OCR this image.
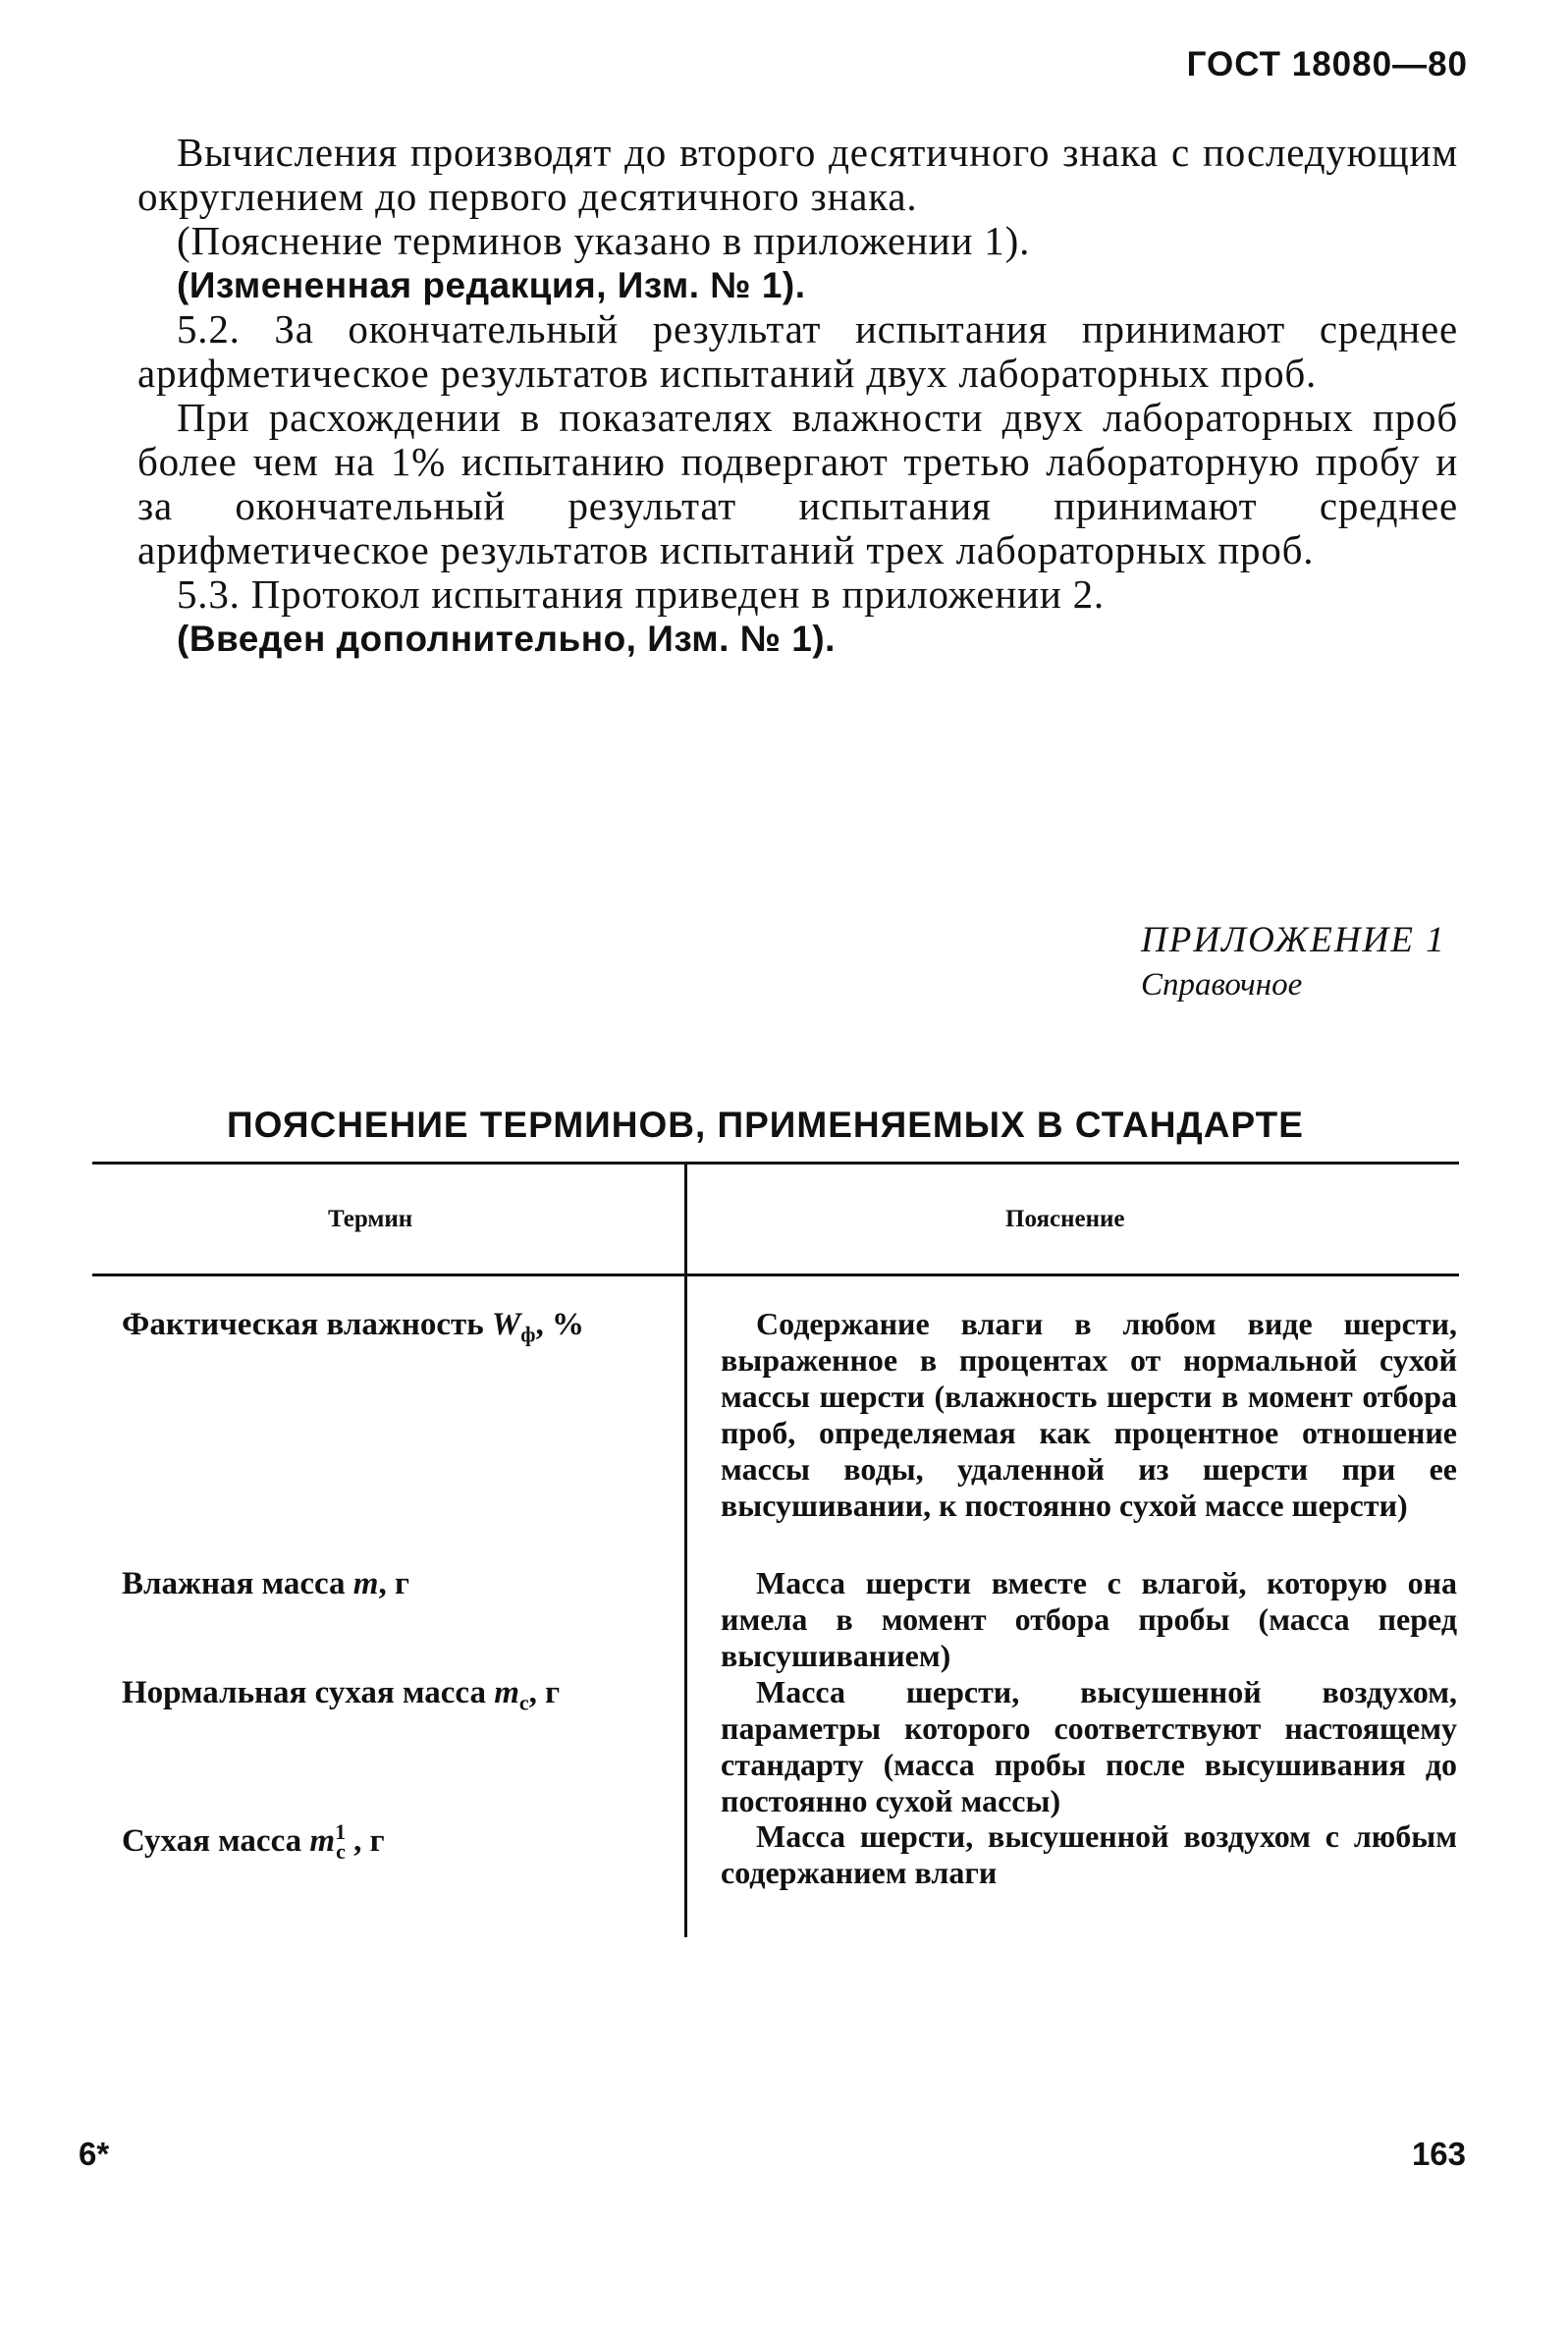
ГОСТ 18080—80

Вычисления производят до второго десятичного знака с последующим округлением до первого десятичного знака.

(Пояснение терминов указано в приложении 1).

(Измененная редакция, Изм. № 1).

5.2. За окончательный результат испытания принимают среднее арифметическое результатов испытаний двух лабораторных проб.

При расхождении в показателях влажности двух лабораторных проб более чем на 1% испытанию подвергают третью лабораторную пробу и за окончательный результат испытания принимают среднее арифметическое результатов испытаний трех лабораторных проб.

5.3. Протокол испытания приведен в приложении 2.

(Введен дополнительно, Изм. № 1).

ПРИЛОЖЕНИЕ 1
Справочное
ПОЯСНЕНИЕ ТЕРМИНОВ, ПРИМЕНЯЕМЫХ В СТАНДАРТЕ
Термин	Пояснение
Фактическая влажность $W_ф$, %	Содержание влаги в любом виде шерсти, выраженное в процентах от нормальной сухой массы шерсти (влажность шерсти в момент отбора проб, определяемая как процентное отношение массы воды, удаленной из шерсти при ее высушивании, к постоянно сухой массе шерсти)
Влажная масса m, г	Масса шерсти вместе с влагой, которую она имела в момент отбора пробы (масса перед высушиванием)
Нормальная сухая масса $m_c$, г	Масса шерсти, высушенной воздухом, параметры которого соответствуют настоящему стандарту (масса пробы после высушивания до постоянно сухой массы)
Сухая масса $m^1_c$ , г	Масса шерсти, высушенной воздухом с любым содержанием влаги
6*	163
